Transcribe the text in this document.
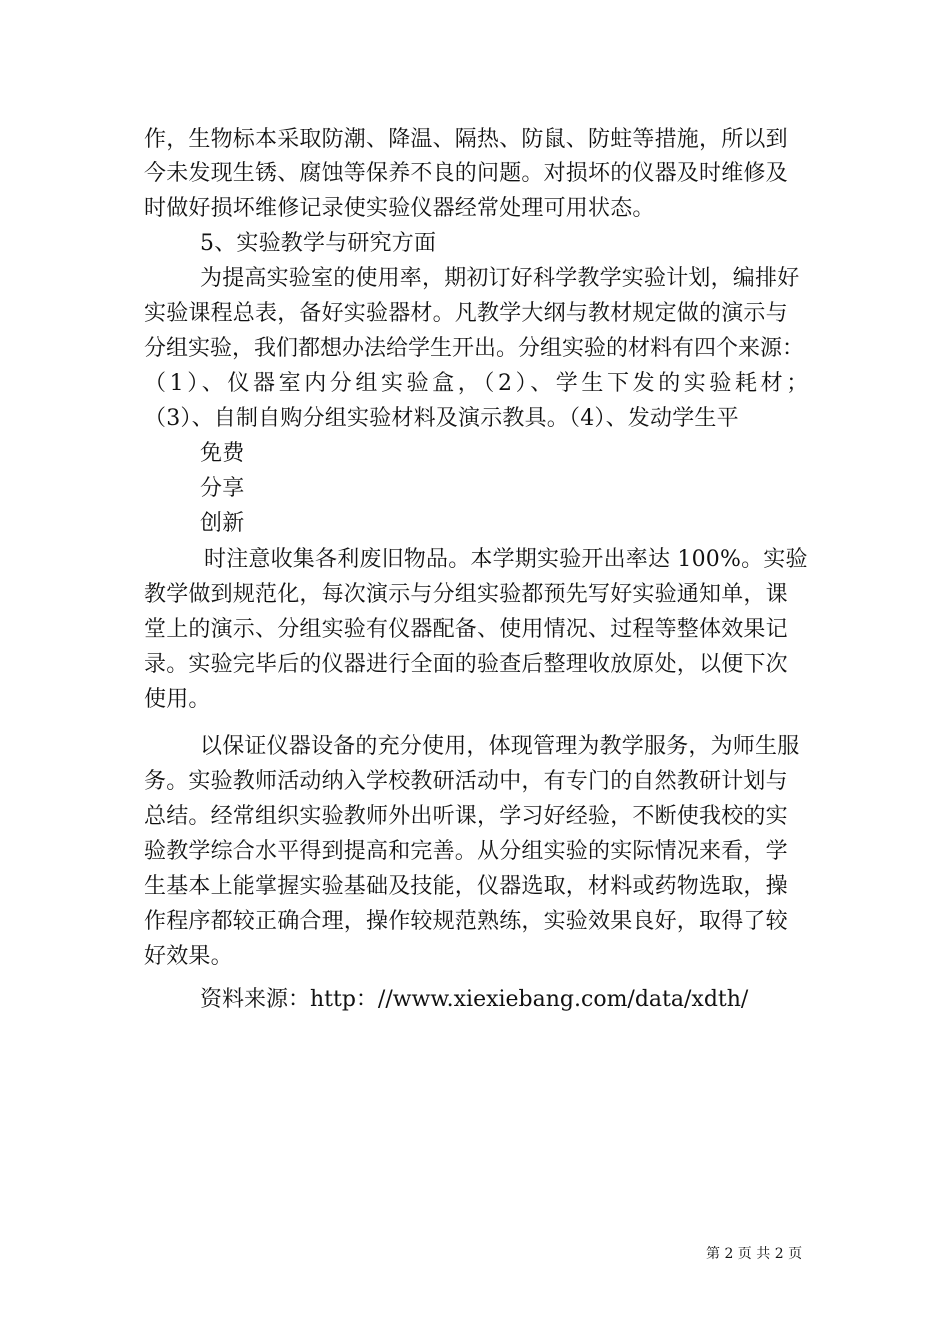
作，生物标本采取防潮、降温、隔热、防鼠、防蛀等措施，所以到
今未发现生锈、腐蚀等保养不良的问题。对损坏的仪器及时维修及
时做好损坏维修记录使实验仪器经常处理可用状态。
5、实验教学与研究方面
为提高实验室的使用率，期初订好科学教学实验计划，编排好
实验课程总表，备好实验器材。凡教学大纲与教材规定做的演示与
分组实验，我们都想办法给学生开出。分组实验的材料有四个来源：
（1）、仪器室内分组实验盒，（2）、学生下发的实验耗材；
（3）、自制自购分组实验材料及演示教具。（4）、发动学生平
免费
分享
创新
时注意收集各利废旧物品。本学期实验开出率达 100%。实验
教学做到规范化，每次演示与分组实验都预先写好实验通知单，课
堂上的演示、分组实验有仪器配备、使用情况、过程等整体效果记
录。实验完毕后的仪器进行全面的验查后整理收放原处，以便下次
使用。
以保证仪器设备的充分使用，体现管理为教学服务，为师生服
务。实验教师活动纳入学校教研活动中，有专门的自然教研计划与
总结。经常组织实验教师外出听课，学习好经验，不断使我校的实
验教学综合水平得到提高和完善。从分组实验的实际情况来看，学
生基本上能掌握实验基础及技能，仪器选取，材料或药物选取，操
作程序都较正确合理，操作较规范熟练，实验效果良好，取得了较
好效果。
资料来源：http：//www.xiexiebang.com/data/xdth/
第 2 页 共 2 页
